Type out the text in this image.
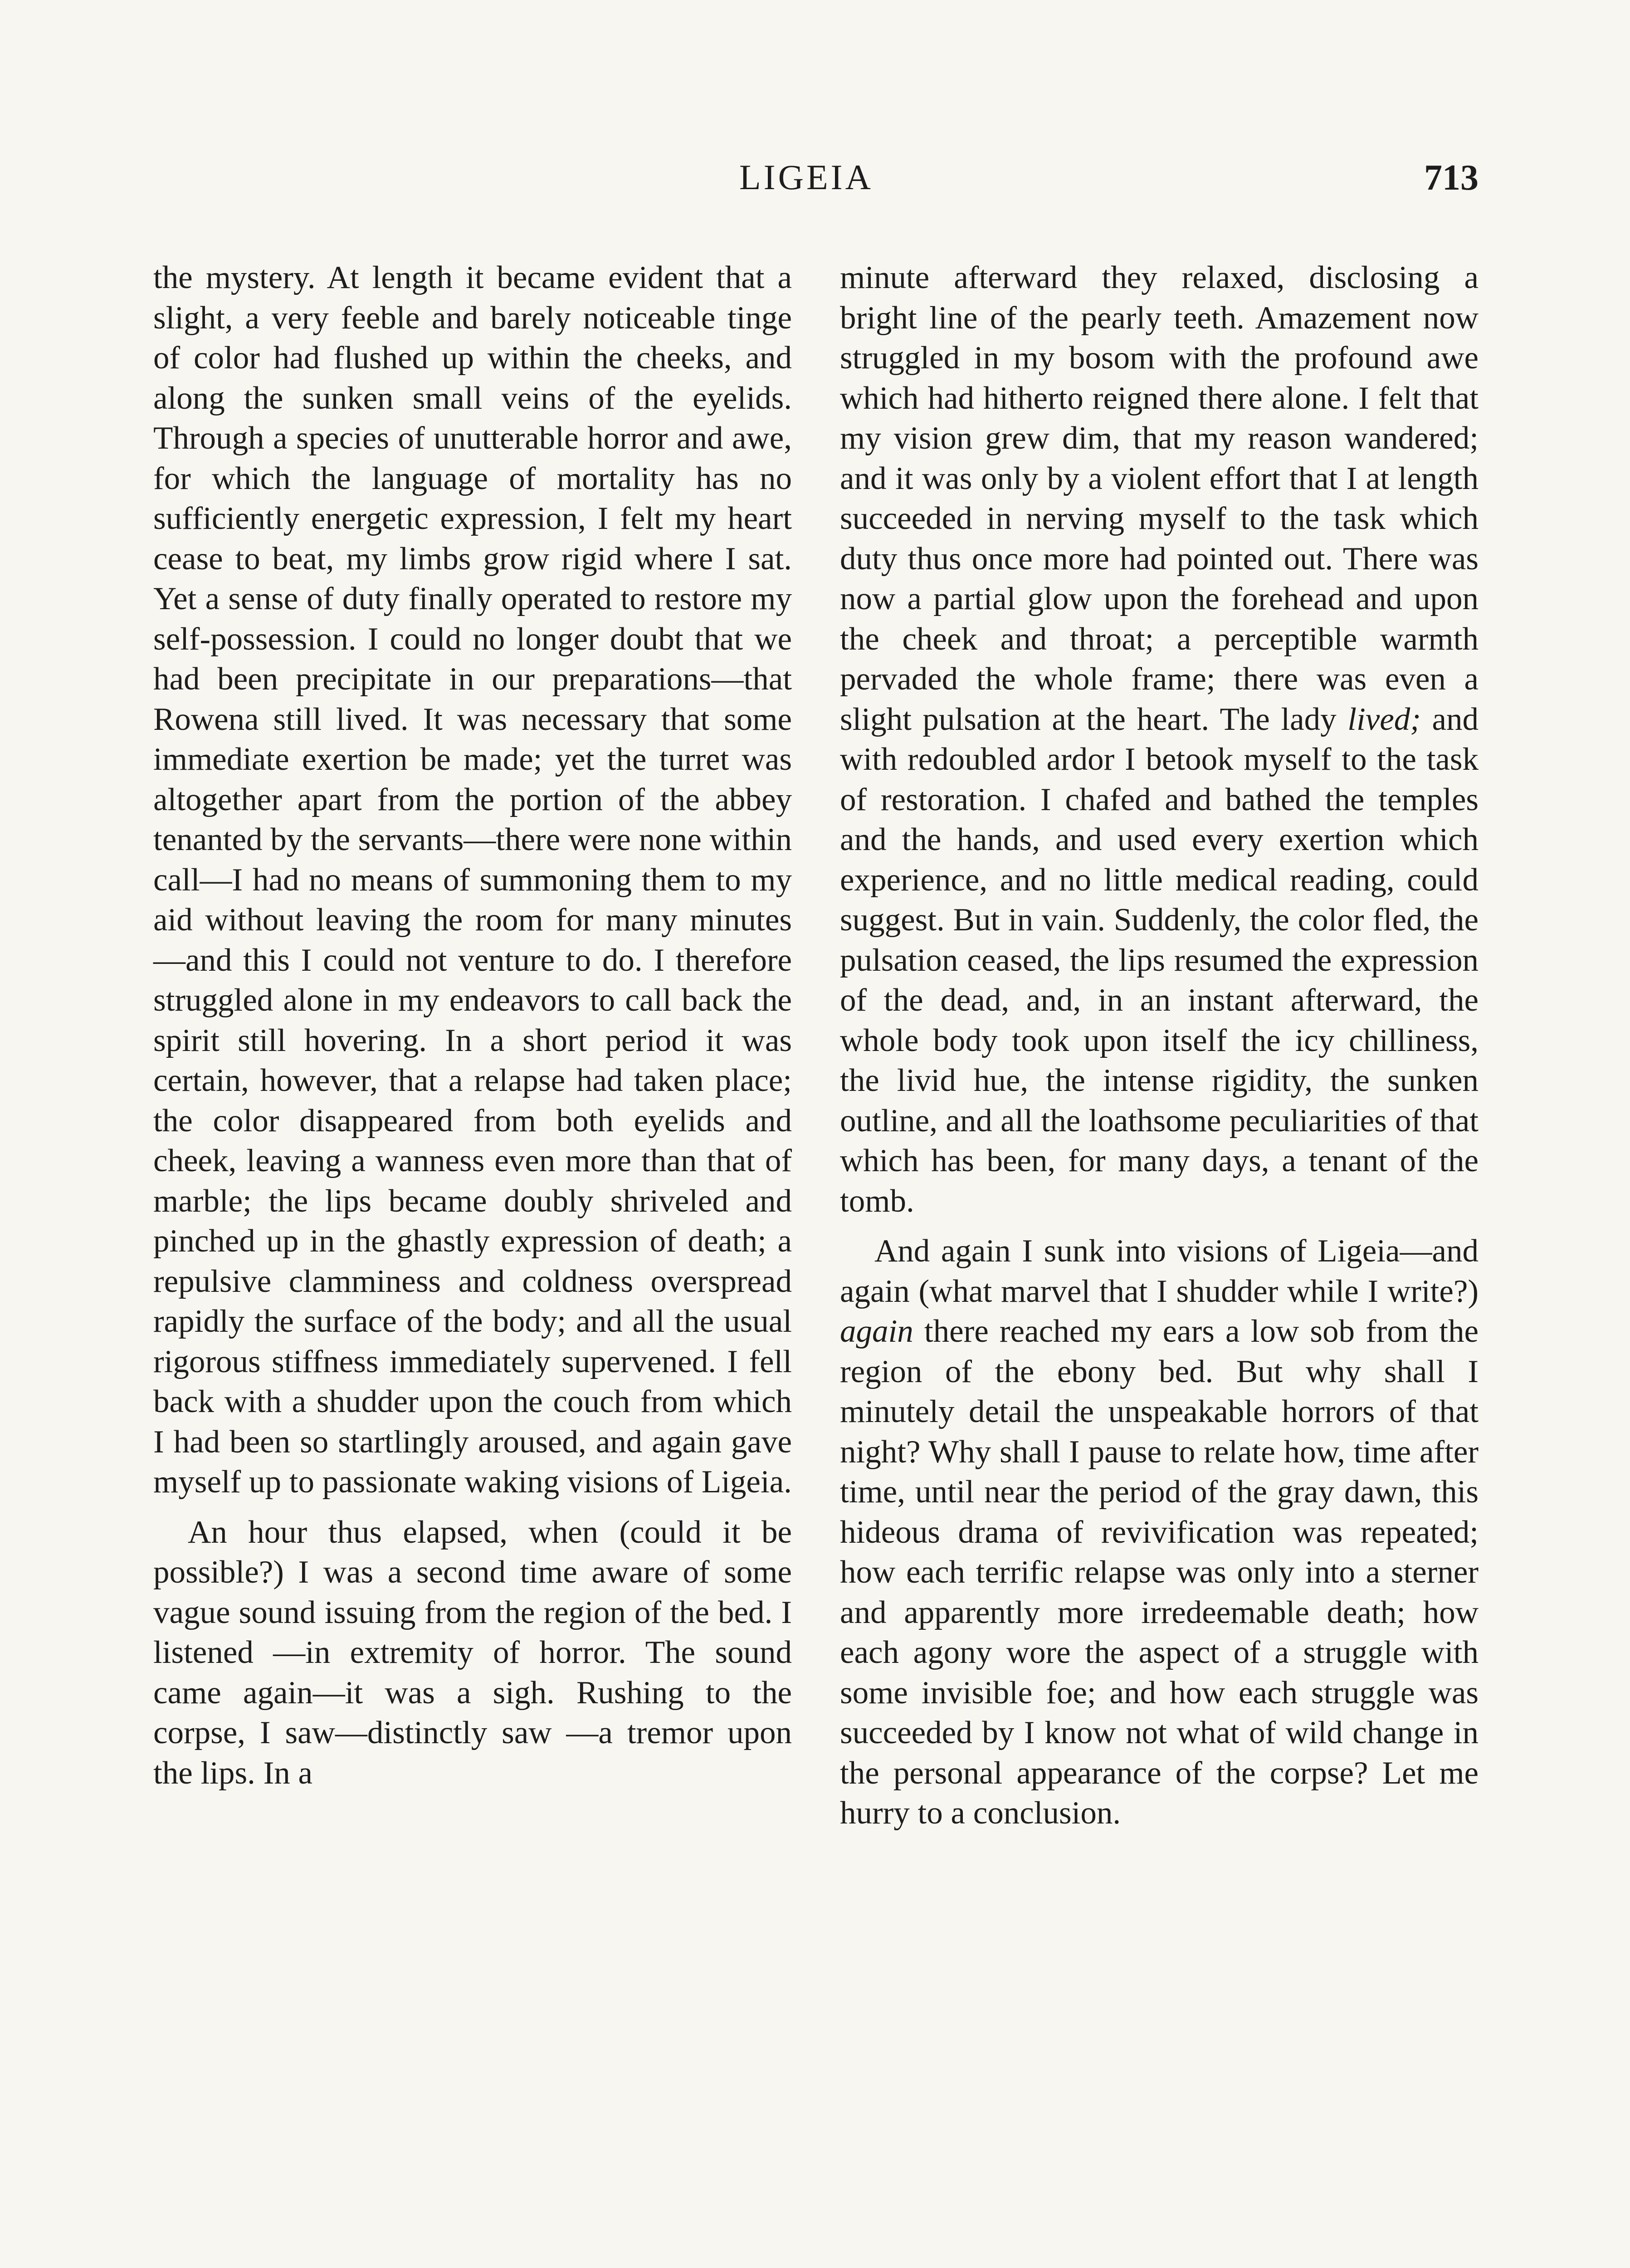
LIGEIA	713

the mystery. At length it became evident that a slight, a very feeble and barely noticeable tinge of color had flushed up within the cheeks, and along the sunken small veins of the eyelids. Through a species of unutterable horror and awe, for which the language of mortality has no sufficiently energetic expression, I felt my heart cease to beat, my limbs grow rigid where I sat. Yet a sense of duty finally operated to restore my self-possession. I could no longer doubt that we had been precipitate in our preparations—that Rowena still lived. It was necessary that some immediate exertion be made; yet the turret was altogether apart from the portion of the abbey tenanted by the servants—there were none within call—I had no means of summoning them to my aid without leaving the room for many minutes—and this I could not venture to do. I therefore struggled alone in my endeavors to call back the spirit still hovering. In a short period it was certain, however, that a relapse had taken place; the color disappeared from both eyelids and cheek, leaving a wanness even more than that of marble; the lips became doubly shriveled and pinched up in the ghastly expression of death; a repulsive clamminess and coldness overspread rapidly the surface of the body; and all the usual rigorous stiffness immediately supervened. I fell back with a shudder upon the couch from which I had been so startlingly aroused, and again gave myself up to passionate waking visions of Ligeia.

An hour thus elapsed, when (could it be possible?) I was a second time aware of some vague sound issuing from the region of the bed. I listened —in extremity of horror. The sound came again—it was a sigh. Rushing to the corpse, I saw—distinctly saw —a tremor upon the lips. In a

minute afterward they relaxed, disclosing a bright line of the pearly teeth. Amazement now struggled in my bosom with the profound awe which had hitherto reigned there alone. I felt that my vision grew dim, that my reason wandered; and it was only by a violent effort that I at length succeeded in nerving myself to the task which duty thus once more had pointed out. There was now a partial glow upon the forehead and upon the cheek and throat; a perceptible warmth pervaded the whole frame; there was even a slight pulsation at the heart. The lady lived; and with redoubled ardor I betook myself to the task of restoration. I chafed and bathed the temples and the hands, and used every exertion which experience, and no little medical reading, could suggest. But in vain. Suddenly, the color fled, the pulsation ceased, the lips resumed the expression of the dead, and, in an instant afterward, the whole body took upon itself the icy chilliness, the livid hue, the intense rigidity, the sunken outline, and all the loathsome peculiarities of that which has been, for many days, a tenant of the tomb.

And again I sunk into visions of Ligeia—and again (what marvel that I shudder while I write?) again there reached my ears a low sob from the region of the ebony bed. But why shall I minutely detail the unspeakable horrors of that night? Why shall I pause to relate how, time after time, until near the period of the gray dawn, this hideous drama of revivification was repeated; how each terrific relapse was only into a sterner and apparently more irredeemable death; how each agony wore the aspect of a struggle with some invisible foe; and how each struggle was succeeded by I know not what of wild change in the personal appearance of the corpse? Let me hurry to a conclusion.
